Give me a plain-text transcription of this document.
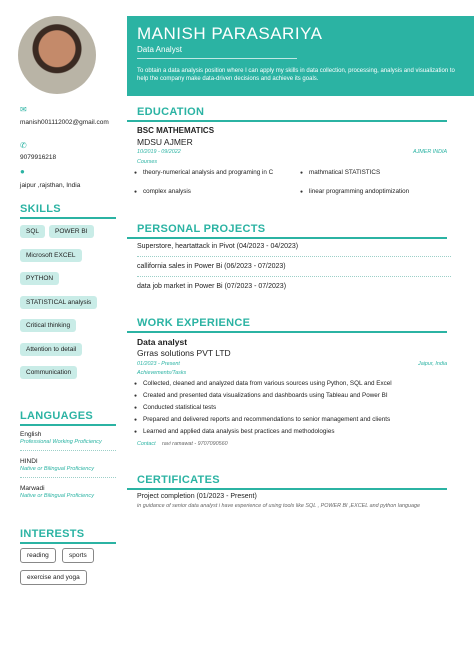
✉
manish001112002@gmail.com
✆
9079916218
●
jaipur ,rajsthan, India
SKILLS
SQL	POWER BI
Microsoft EXCEL
PYTHON
STATISTICAL analysis
Critical thinking
Attention to detail
Communication
LANGUAGES
English
Professional Working Proficiency
HINDI
Native or Bilingual Proficiency
Marwadi
Native or Bilingual Proficiency
INTERESTS
reading	sports
exercise and yoga
MANISH PARASARIYA
Data Analyst
To obtain a data analysis position where I can apply my skills in data collection, processing, analysis and visualization to help the company make data-driven decisions and achieve its goals.
EDUCATION
BSC MATHEMATICS
MDSU AJMER
10/2019 - 09/2022	AJMER INDIA
Courses
● theory-numerical analysis and programing in C	● mathmatical STATISTICS
● complex analysis	● linear programming andoptimization
PERSONAL PROJECTS
Superstore, heartattack in Pivot (04/2023 - 04/2023)
callifornia sales in Power Bi (06/2023 - 07/2023)
data job market in Power Bi (07/2023 - 07/2023)
WORK EXPERIENCE
Data analyst
Grras solutions PVT LTD
01/2023 - Present	Jaipur, India
Achievements/Tasks
● Collected, cleaned and analyzed data from various sources using Python, SQL and Excel
● Created and presented data visualizations and dashboards using Tableau and Power BI
● Conducted statistical tests
● Prepared and delivered reports and recommendations to senior management and clients
● Learned and applied data analysis best practices and methodologies
Contact ravi ramawat - 9707090560
CERTIFICATES
Project completion (01/2023 - Present)
in guidance of senior data analyst i have experience of using tools like SQL , POWER BI ,EXCEL and python language
